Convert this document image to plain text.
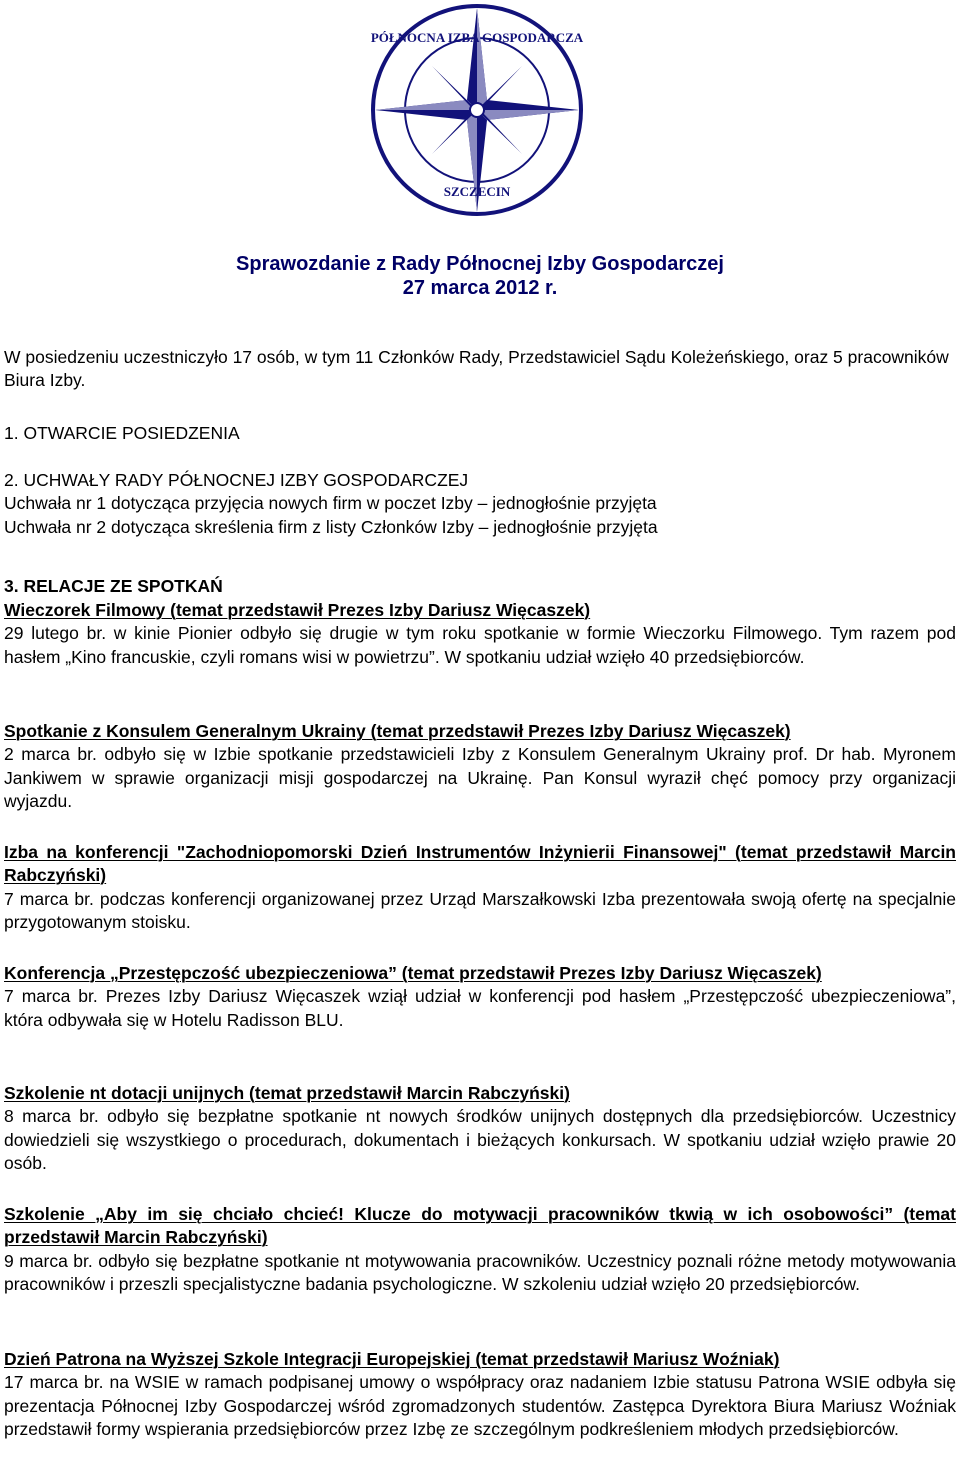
PÓŁNOCNA IZBA GOSPODARCZA
SZCZECIN
Sprawozdanie z Rady Północnej Izby Gospodarczej
27 marca 2012 r.
W posiedzeniu uczestniczyło 17 osób, w tym 11 Członków Rady, Przedstawiciel Sądu Koleżeńskiego, oraz 5 pracowników Biura Izby.
1. OTWARCIE POSIEDZENIA

2. UCHWAŁY RADY PÓŁNOCNEJ IZBY GOSPODARCZEJ

Uchwała nr 1 dotycząca przyjęcia nowych firm w poczet Izby – jednogłośnie przyjęta

Uchwała nr 2 dotycząca skreślenia firm z listy Członków Izby – jednogłośnie przyjęta

3. RELACJE ZE SPOTKAŃ

Wieczorek Filmowy (temat przedstawił Prezes Izby Dariusz Więcaszek)

29 lutego br. w kinie Pionier odbyło się drugie w tym roku spotkanie w formie Wieczorku Filmowego. Tym razem pod hasłem „Kino francuskie, czyli romans wisi w powietrzu”. W spotkaniu udział wzięło 40 przedsiębiorców.

Spotkanie z Konsulem Generalnym Ukrainy (temat przedstawił Prezes Izby Dariusz Więcaszek)

2 marca br. odbyło się w Izbie spotkanie przedstawicieli Izby z Konsulem Generalnym Ukrainy prof. Dr hab. Myronem Jankiwem w sprawie organizacji misji gospodarczej na Ukrainę. Pan Konsul wyraził chęć pomocy przy organizacji wyjazdu.

Izba na konferencji "Zachodniopomorski Dzień Instrumentów Inżynierii Finansowej" (temat przedstawił Marcin Rabczyński)

7 marca br. podczas konferencji organizowanej przez Urząd Marszałkowski Izba prezentowała swoją ofertę na specjalnie przygotowanym stoisku.

Konferencja „Przestępczość ubezpieczeniowa” (temat przedstawił Prezes Izby Dariusz Więcaszek)

7 marca br. Prezes Izby Dariusz Więcaszek wziął udział w konferencji pod hasłem „Przestępczość ubezpieczeniowa”, która odbywała się w Hotelu Radisson BLU.

Szkolenie nt dotacji unijnych (temat przedstawił Marcin Rabczyński)

8 marca br. odbyło się bezpłatne spotkanie nt nowych środków unijnych dostępnych dla przedsiębiorców. Uczestnicy dowiedzieli się wszystkiego o procedurach, dokumentach i bieżących konkursach. W spotkaniu udział wzięło prawie 20 osób.

Szkolenie „Aby im się chciało chcieć! Klucze do motywacji pracowników tkwią w ich osobowości” (temat przedstawił Marcin Rabczyński)

9 marca br. odbyło się bezpłatne spotkanie nt motywowania pracowników. Uczestnicy poznali różne metody motywowania pracowników i przeszli specjalistyczne badania psychologiczne. W szkoleniu udział wzięło 20 przedsiębiorców.

Dzień Patrona na Wyższej Szkole Integracji Europejskiej (temat przedstawił Mariusz Woźniak)

17 marca br. na WSIE w ramach podpisanej umowy o współpracy oraz nadaniem Izbie statusu Patrona WSIE odbyła się prezentacja Północnej Izby Gospodarczej wśród zgromadzonych studentów. Zastępca Dyrektora Biura Mariusz Woźniak przedstawił formy wspierania przedsiębiorców przez Izbę ze szczególnym podkreśleniem młodych przedsiębiorców.
